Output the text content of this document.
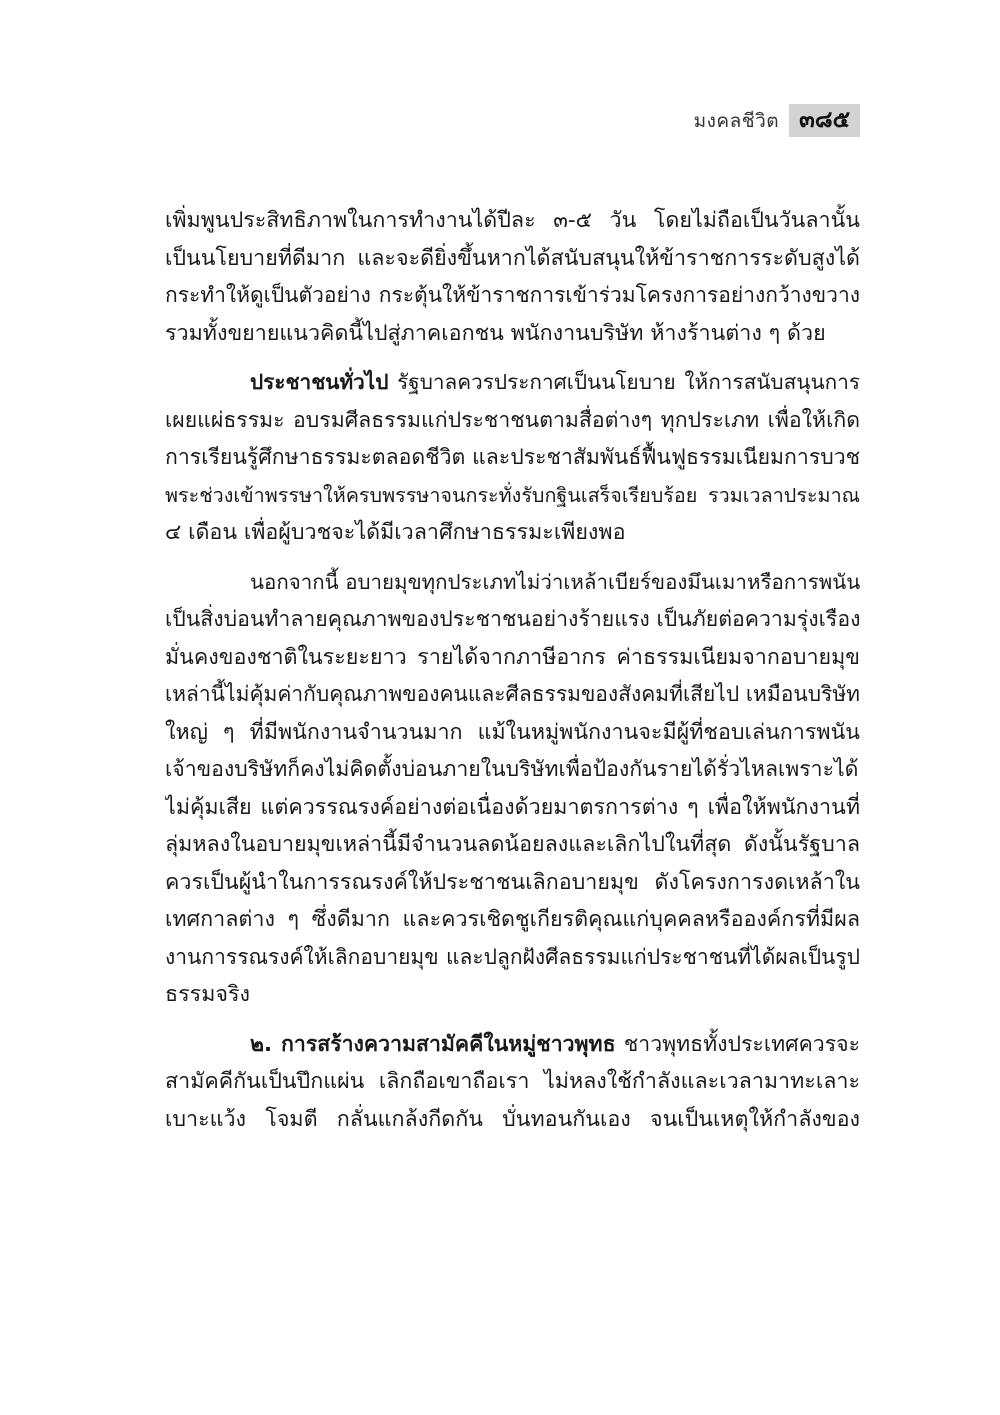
มงคลชีวิต ๓๘๕
เพิ่มพูนประสิทธิภาพในการทำงานได้ปีละ ๓-๕ วัน โดยไม่ถือเป็นวันลานั้น
เป็นนโยบายที่ดีมาก และจะดียิ่งขึ้นหากได้สนับสนุนให้ข้าราชการระดับสูงได้
กระทำให้ดูเป็นตัวอย่าง กระตุ้นให้ข้าราชการเข้าร่วมโครงการอย่างกว้างขวาง
รวมทั้งขยายแนวคิดนี้ไปสู่ภาคเอกชน พนักงานบริษัท ห้างร้านต่าง ๆ ด้วย
ประชาชนทั่วไป รัฐบาลควรประกาศเป็นนโยบาย ให้การสนับสนุนการ
เผยแผ่ธรรมะ อบรมศีลธรรมแก่ประชาชนตามสื่อต่างๆ ทุกประเภท เพื่อให้เกิด
การเรียนรู้ศึกษาธรรมะตลอดชีวิต และประชาสัมพันธ์ฟื้นฟูธรรมเนียมการบวช
พระช่วงเข้าพรรษาให้ครบพรรษาจนกระทั่งรับกฐินเสร็จเรียบร้อย รวมเวลาประมาณ
๔ เดือน เพื่อผู้บวชจะได้มีเวลาศึกษาธรรมะเพียงพอ
นอกจากนี้ อบายมุขทุกประเภทไม่ว่าเหล้าเบียร์ของมึนเมาหรือการพนัน
เป็นสิ่งบ่อนทำลายคุณภาพของประชาชนอย่างร้ายแรง เป็นภัยต่อความรุ่งเรือง
มั่นคงของชาติในระยะยาว รายได้จากภาษีอากร ค่าธรรมเนียมจากอบายมุข
เหล่านี้ไม่คุ้มค่ากับคุณภาพของคนและศีลธรรมของสังคมที่เสียไป เหมือนบริษัท
ใหญ่ ๆ ที่มีพนักงานจำนวนมาก แม้ในหมู่พนักงานจะมีผู้ที่ชอบเล่นการพนัน
เจ้าของบริษัทก็คงไม่คิดตั้งบ่อนภายในบริษัทเพื่อป้องกันรายได้รั่วไหลเพราะได้
ไม่คุ้มเสีย แต่ควรรณรงค์อย่างต่อเนื่องด้วยมาตรการต่าง ๆ เพื่อให้พนักงานที่
ลุ่มหลงในอบายมุขเหล่านี้มีจำนวนลดน้อยลงและเลิกไปในที่สุด ดังนั้นรัฐบาล
ควรเป็นผู้นำในการรณรงค์ให้ประชาชนเลิกอบายมุข ดังโครงการงดเหล้าใน
เทศกาลต่าง ๆ ซึ่งดีมาก และควรเชิดชูเกียรติคุณแก่บุคคลหรือองค์กรที่มีผล
งานการรณรงค์ให้เลิกอบายมุข และปลูกฝังศีลธรรมแก่ประชาชนที่ได้ผลเป็นรูป
ธรรมจริง
๒. การสร้างความสามัคคีในหมู่ชาวพุทธ ชาวพุทธทั้งประเทศควรจะ
สามัคคีกันเป็นปึกแผ่น เลิกถือเขาถือเรา ไม่หลงใช้กำลังและเวลามาทะเลาะ
เบาะแว้ง โจมตี กลั่นแกล้งกีดกัน บั่นทอนกันเอง จนเป็นเหตุให้กำลังของ
